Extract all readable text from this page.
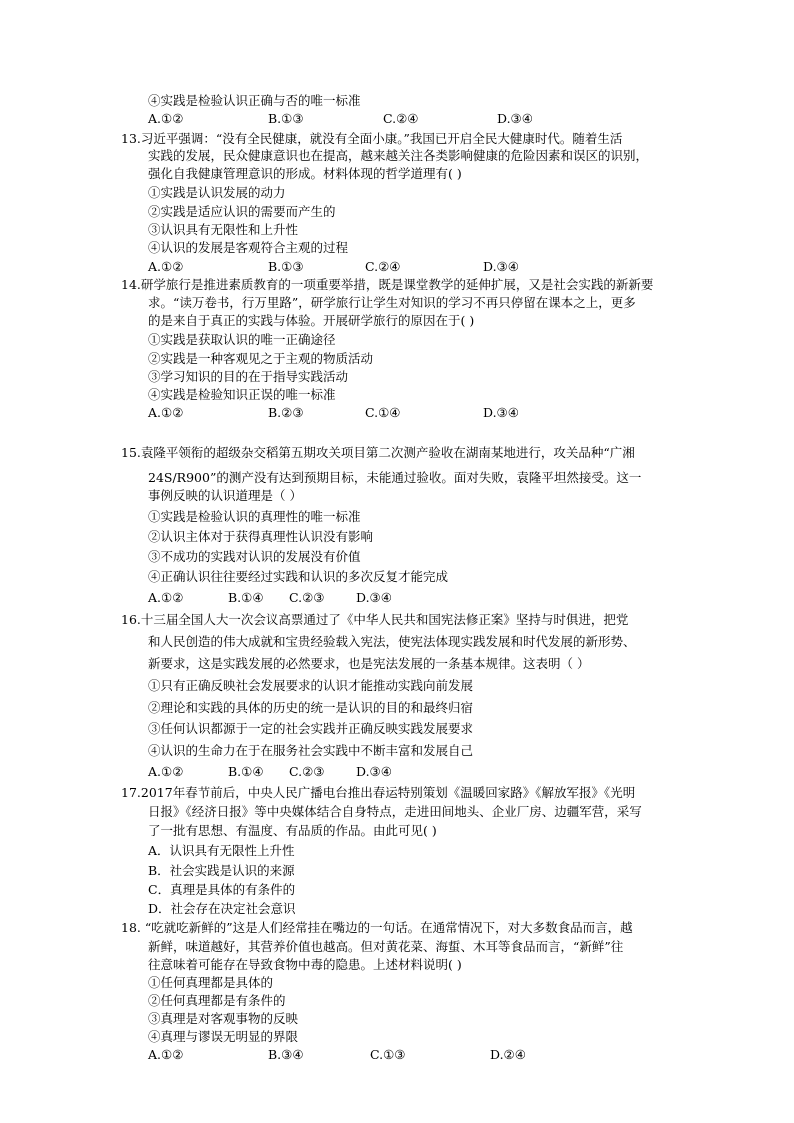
④实践是检验认识正确与否的唯一标准
A.①②	B.①③	C.②④	D.③④
13.习近平强调：“没有全民健康，就没有全面小康。”我国已开启全民大健康时代。随着生活
实践的发展，民众健康意识也在提高，越来越关注各类影响健康的危险因素和误区的识别，
强化自我健康管理意识的形成。材料体现的哲学道理有( )
①实践是认识发展的动力
②实践是适应认识的需要而产生的
③认识具有无限性和上升性
④认识的发展是客观符合主观的过程
A.①②	B.①③	C.②④	D.③④
14.研学旅行是推进素质教育的一项重要举措，既是课堂教学的延伸扩展，又是社会实践的新新要
求。“读万卷书，行万里路”，研学旅行让学生对知识的学习不再只停留在课本之上，更多
的是来自于真正的实践与体验。开展研学旅行的原因在于( )
①实践是获取认识的唯一正确途径
②实践是一种客观见之于主观的物质活动
③学习知识的目的在于指导实践活动
④实践是检验知识正误的唯一标准
A.①②	B.②③	C.①④	D.③④
15.袁隆平领衔的超级杂交稻第五期攻关项目第二次测产验收在湖南某地进行，攻关品种“广湘
24S/R900”的测产没有达到预期目标，未能通过验收。面对失败，袁隆平坦然接受。这一
事例反映的认识道理是（ ）
①实践是检验认识的真理性的唯一标准
②认识主体对于获得真理性认识没有影响
③不成功的实践对认识的发展没有价值
④正确认识往往要经过实践和认识的多次反复才能完成
A.①②	B.①④ C.②③	D.③④
16.十三届全国人大一次会议高票通过了《中华人民共和国宪法修正案》坚持与时俱进，把党
和人民创造的伟大成就和宝贵经验载入宪法，使宪法体现实践发展和时代发展的新形势、
新要求，这是实践发展的必然要求，也是宪法发展的一条基本规律。这表明（ ）
①只有正确反映社会发展要求的认识才能推动实践向前发展
②理论和实践的具体的历史的统一是认识的目的和最终归宿
③任何认识都源于一定的社会实践并正确反映实践发展要求
④认识的生命力在于在服务社会实践中不断丰富和发展自己
A.①②	B.①④ C.②③	D.③④
17.2017年春节前后，中央人民广播电台推出春运特别策划《温暖回家路》《解放军报》《光明
日报》《经济日报》等中央媒体结合自身特点，走进田间地头、企业厂房、边疆军营，采写
了一批有思想、有温度、有品质的作品。由此可见( )
A．认识具有无限性上升性
B．社会实践是认识的来源
C．真理是具体的有条件的
D．社会存在决定社会意识
18. “吃就吃新鲜的”这是人们经常挂在嘴边的一句话。在通常情况下，对大多数食品而言，越
新鲜，味道越好，其营养价值也越高。但对黄花菜、海蜇、木耳等食品而言，“新鲜”往
往意味着可能存在导致食物中毒的隐患。上述材料说明( )
①任何真理都是具体的
②任何真理都是有条件的
③真理是对客观事物的反映
④真理与谬误无明显的界限
A.①②	B.③④	C.①③	D.②④
